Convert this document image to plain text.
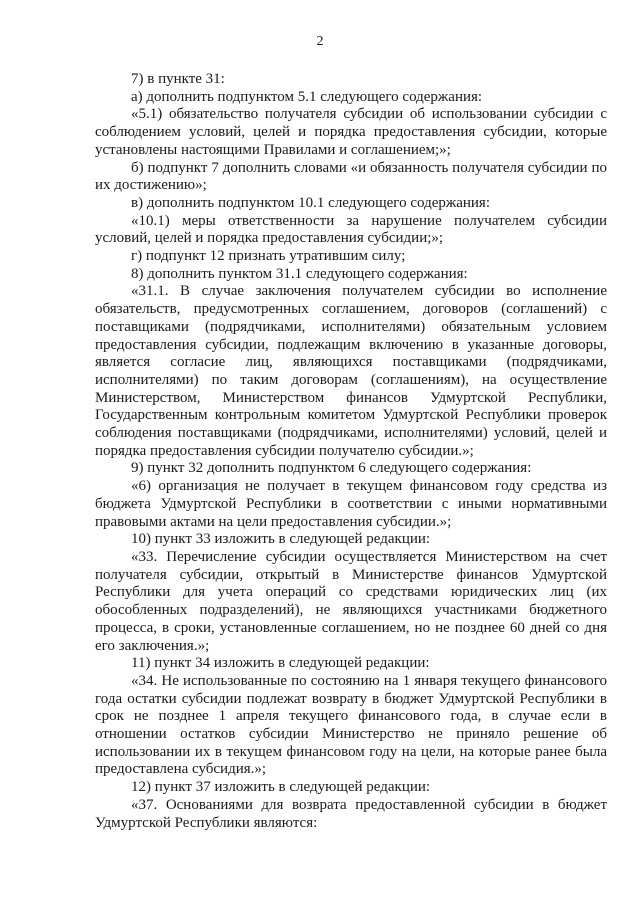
2

7) в пункте 31:

а) дополнить подпунктом 5.1 следующего содержания:

«5.1) обязательство получателя субсидии об использовании субсидии с соблюдением условий, целей и порядка предоставления субсидии, которые установлены настоящими Правилами и соглашением;»;

б) подпункт 7 дополнить словами «и обязанность получателя субсидии по их достижению»;

в) дополнить подпунктом 10.1 следующего содержания:

«10.1) меры ответственности за нарушение получателем субсидии условий, целей и порядка предоставления субсидии;»;

г) подпункт 12 признать утратившим силу;

8) дополнить пунктом 31.1 следующего содержания:

«31.1. В случае заключения получателем субсидии во исполнение обязательств, предусмотренных соглашением, договоров (соглашений) с поставщиками (подрядчиками, исполнителями) обязательным условием предоставления субсидии, подлежащим включению в указанные договоры, является согласие лиц, являющихся поставщиками (подрядчиками, исполнителями) по таким договорам (соглашениям), на осуществление Министерством, Министерством финансов Удмуртской Республики, Государственным контрольным комитетом Удмуртской Республики проверок соблюдения поставщиками (подрядчиками, исполнителями) условий, целей и порядка предоставления субсидии получателю субсидии.»;

9) пункт 32 дополнить подпунктом 6 следующего содержания:

«6) организация не получает в текущем финансовом году средства из бюджета Удмуртской Республики в соответствии с иными нормативными правовыми актами на цели предоставления субсидии.»;

10) пункт 33 изложить в следующей редакции:

«33. Перечисление субсидии осуществляется Министерством на счет получателя субсидии, открытый в Министерстве финансов Удмуртской Республики для учета операций со средствами юридических лиц (их обособленных подразделений), не являющихся участниками бюджетного процесса, в сроки, установленные соглашением, но не позднее 60 дней со дня его заключения.»;

11) пункт 34 изложить в следующей редакции:

«34. Не использованные по состоянию на 1 января текущего финансового года остатки субсидии подлежат возврату в бюджет Удмуртской Республики в срок не позднее 1 апреля текущего финансового года, в случае если в отношении остатков субсидии Министерство не приняло решение об использовании их в текущем финансовом году на цели, на которые ранее была предоставлена субсидия.»;

12) пункт 37 изложить в следующей редакции:

«37. Основаниями для возврата предоставленной субсидии в бюджет Удмуртской Республики являются:
